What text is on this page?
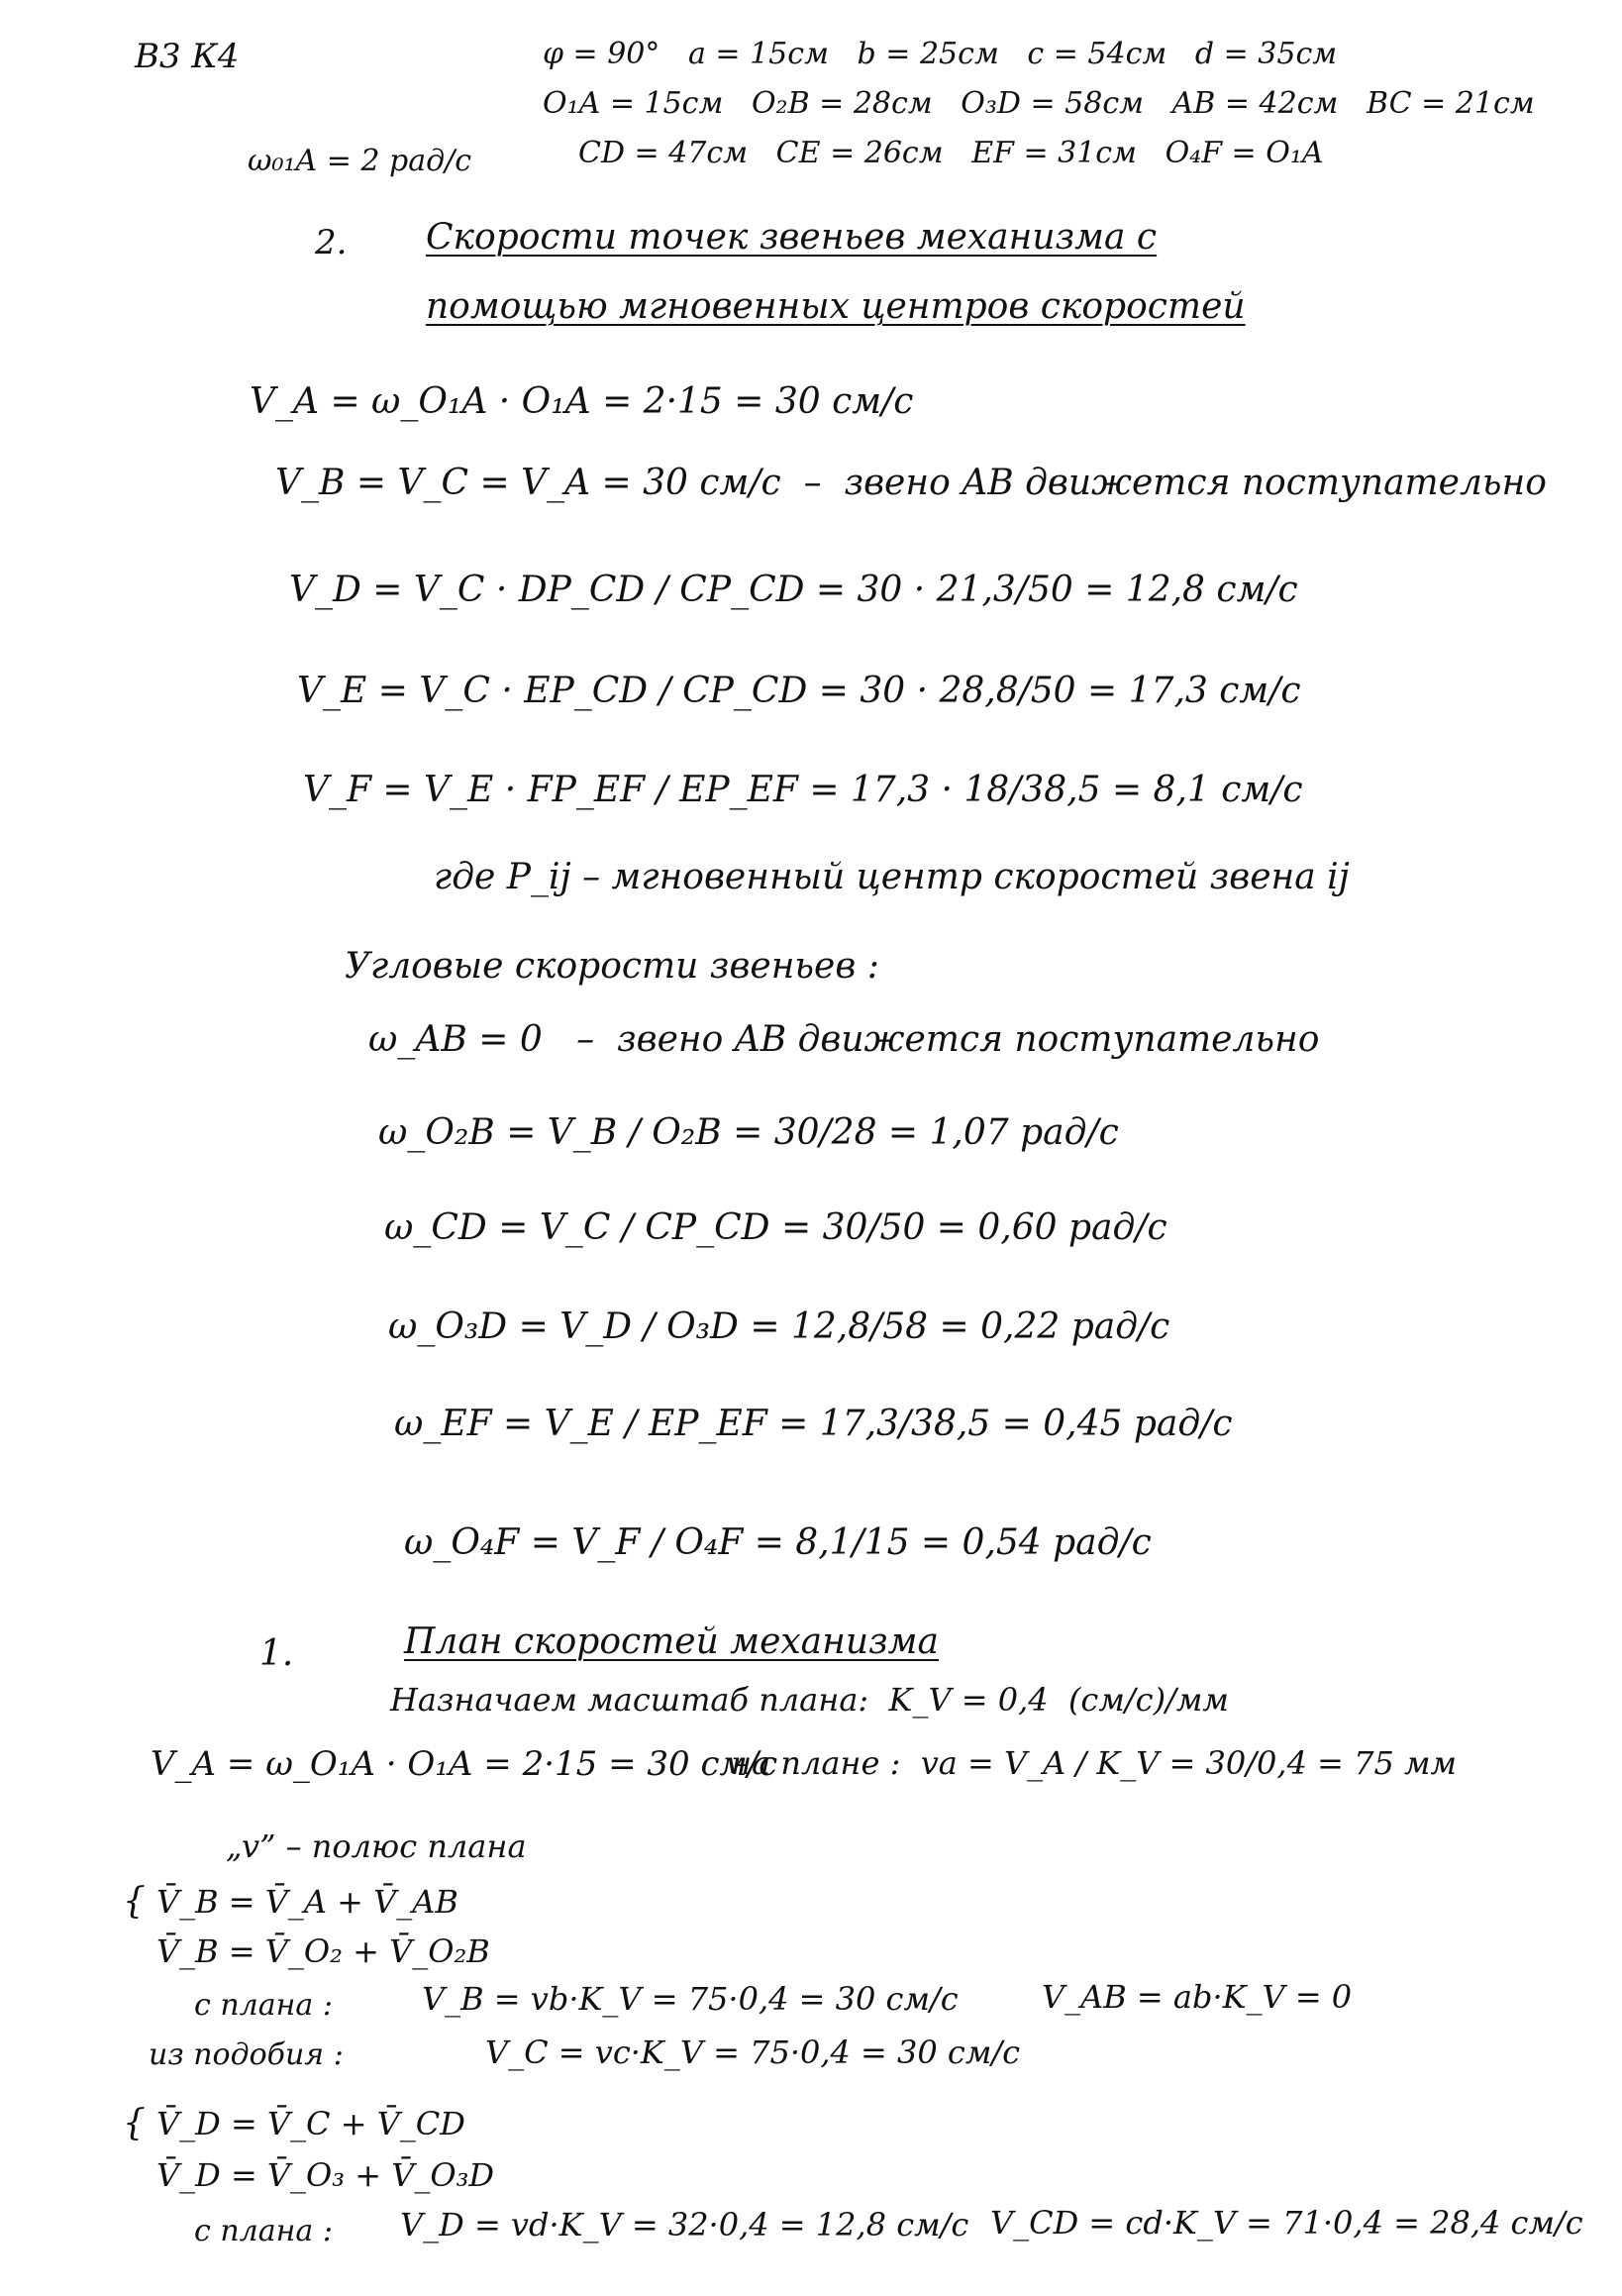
В3 К4	φ = 90°   a = 15см   b = 25см   c = 54см   d = 35см
O₁A = 15см   O₂B = 28см   O₃D = 58см   AB = 42см   BC = 21см
CD = 47см   CE = 26см   EF = 31см   O₄F = O₁A
ω₀₁A = 2 рад/с
2. Скорости точек звеньев механизма с
помощью мгновенных центров скоростей
V_A = ω_O₁A · O₁A = 2·15 = 30 см/с
V_B = V_C = V_A = 30 см/с  –  звено AB движется поступательно
V_D = V_C · DP_CD / CP_CD = 30 · 21,3/50 = 12,8 см/с
V_E = V_C · EP_CD / CP_CD = 30 · 28,8/50 = 17,3 см/с
V_F = V_E · FP_EF / EP_EF = 17,3 · 18/38,5 = 8,1 см/с
где P_ij – мгновенный центр скоростей звена ij
Угловые скорости звеньев :
ω_AB = 0   –  звено AB движется поступательно
ω_O₂B = V_B / O₂B = 30/28 = 1,07 рад/с
ω_CD = V_C / CP_CD = 30/50 = 0,60 рад/с
ω_O₃D = V_D / O₃D = 12,8/58 = 0,22 рад/с
ω_EF = V_E / EP_EF = 17,3/38,5 = 0,45 рад/с
ω_O₄F = V_F / O₄F = 8,1/15 = 0,54 рад/с
1.	План скоростей механизма
Назначаем масштаб плана:  K_V = 0,4  (см/с)/мм
V_A = ω_O₁A · O₁A = 2·15 = 30 см/с
на плане :  va = V_A / K_V = 30/0,4 = 75 мм
„v” – полюс плана
{ V̄_B = V̄_A + V̄_AB
V̄_B = V̄_O₂ + V̄_O₂B
с плана :	V_B = vb·K_V = 75·0,4 = 30 см/с	V_AB = ab·K_V = 0
из подобия :	V_C = vc·K_V = 75·0,4 = 30 см/с
{ V̄_D = V̄_C + V̄_CD
V̄_D = V̄_O₃ + V̄_O₃D
с плана : V_D = vd·K_V = 32·0,4 = 12,8 см/с V_CD = cd·K_V = 71·0,4 = 28,4 см/с
